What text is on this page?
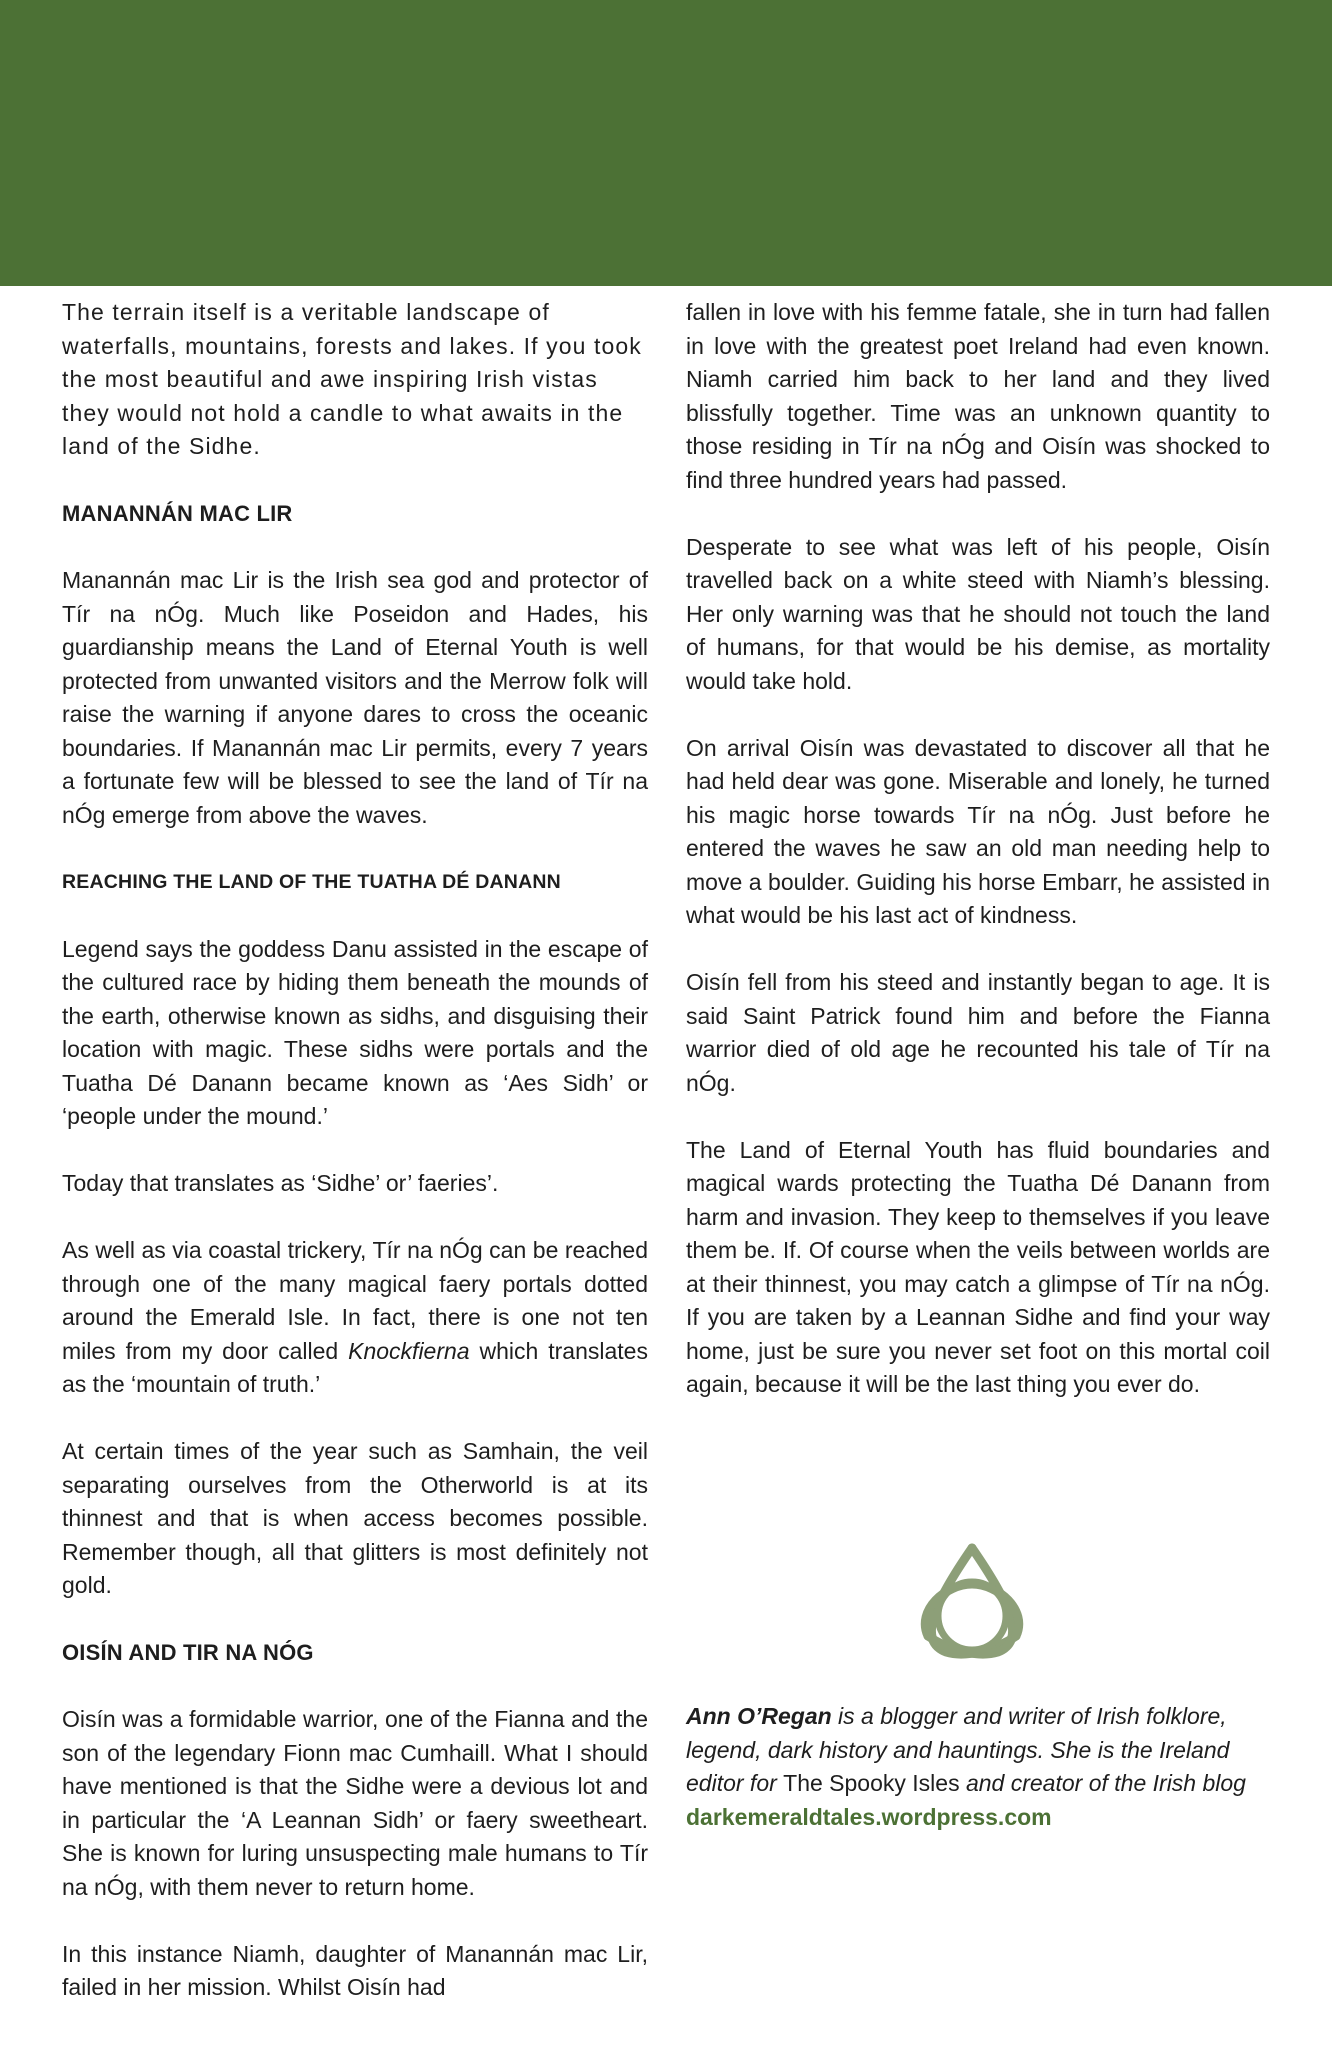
The terrain itself is a veritable landscape of waterfalls, mountains, forests and lakes. If you took the most beautiful and awe inspiring Irish vistas they would not hold a candle to what awaits in the land of the Sidhe.

MANANNÁN MAC LIR

Manannán mac Lir is the Irish sea god and protector of Tír na nÓg. Much like Poseidon and Hades, his guardianship means the Land of Eternal Youth is well protected from unwanted visitors and the Merrow folk will raise the warning if anyone dares to cross the oceanic boundaries. If Manannán mac Lir permits, every 7 years a fortunate few will be blessed to see the land of Tír na nÓg emerge from above the waves.

REACHING THE LAND OF THE TUATHA DÉ DANANN

Legend says the goddess Danu assisted in the escape of the cultured race by hiding them beneath the mounds of the earth, otherwise known as sidhs, and disguising their location with magic. These sidhs were portals and the Tuatha Dé Danann became known as ‘Aes Sidh’ or ‘people under the mound.’

Today that translates as ‘Sidhe’ or’ faeries’.

As well as via coastal trickery, Tír na nÓg can be reached through one of the many magical faery portals dotted around the Emerald Isle. In fact, there is one not ten miles from my door called Knockfierna which translates as the ‘mountain of truth.’

At certain times of the year such as Samhain, the veil separating ourselves from the Otherworld is at its thinnest and that is when access becomes possible. Remember though, all that glitters is most definitely not gold.

OISÍN AND TIR NA NÓG

Oisín was a formidable warrior, one of the Fianna and the son of the legendary Fionn mac Cumhaill. What I should have mentioned is that the Sidhe were a devious lot and in particular the ‘A Leannan Sidh’ or faery sweetheart. She is known for luring unsuspecting male humans to Tír na nÓg, with them never to return home.

In this instance Niamh, daughter of Manannán mac Lir, failed in her mission. Whilst Oisín had

fallen in love with his femme fatale, she in turn had fallen in love with the greatest poet Ireland had even known. Niamh carried him back to her land and they lived blissfully together. Time was an unknown quantity to those residing in Tír na nÓg and Oisín was shocked to find three hundred years had passed.

Desperate to see what was left of his people, Oisín travelled back on a white steed with Niamh’s blessing. Her only warning was that he should not touch the land of humans, for that would be his demise, as mortality would take hold.

On arrival Oisín was devastated to discover all that he had held dear was gone. Miserable and lonely, he turned his magic horse towards Tír na nÓg. Just before he entered the waves he saw an old man needing help to move a boulder. Guiding his horse Embarr, he assisted in what would be his last act of kindness.

Oisín fell from his steed and instantly began to age. It is said Saint Patrick found him and before the Fianna warrior died of old age he recounted his tale of Tír na nÓg.

The Land of Eternal Youth has fluid boundaries and magical wards protecting the Tuatha Dé Danann from harm and invasion. They keep to themselves if you leave them be. If. Of course when the veils between worlds are at their thinnest, you may catch a glimpse of Tír na nÓg. If you are taken by a Leannan Sidhe and find your way home, just be sure you never set foot on this mortal coil again, because it will be the last thing you ever do.

Ann O’Regan is a blogger and writer of Irish folklore, legend, dark history and hauntings. She is the Ireland editor for The Spooky Isles and creator of the Irish blog darkemeraldtales.wordpress.com
